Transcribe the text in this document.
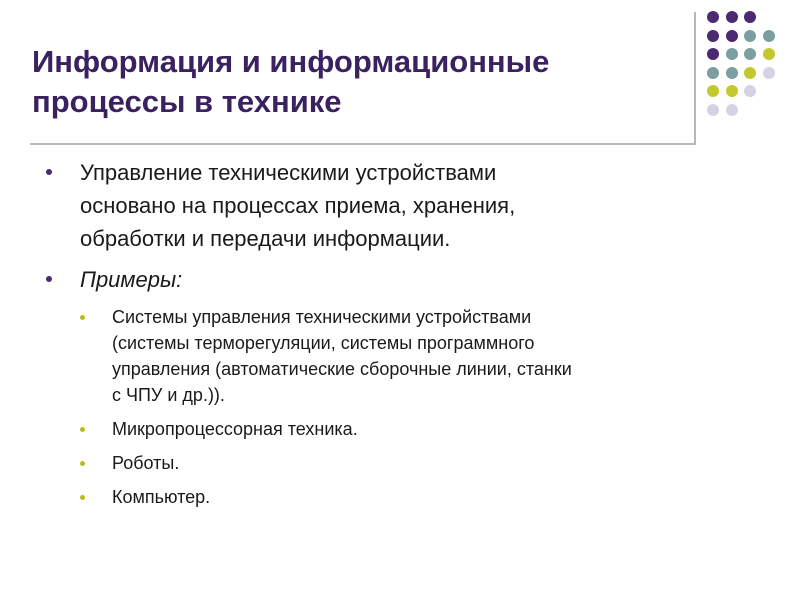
Информация и информационные
процессы в технике
Управление техническими устройствами
основано на процессах приема, хранения,
обработки и передачи информации.
Примеры:
Системы управления техническими устройствами
(системы терморегуляции, системы программного
управления (автоматические сборочные линии, станки
с ЧПУ и др.)).
Микропроцессорная техника.
Роботы.
Компьютер.
